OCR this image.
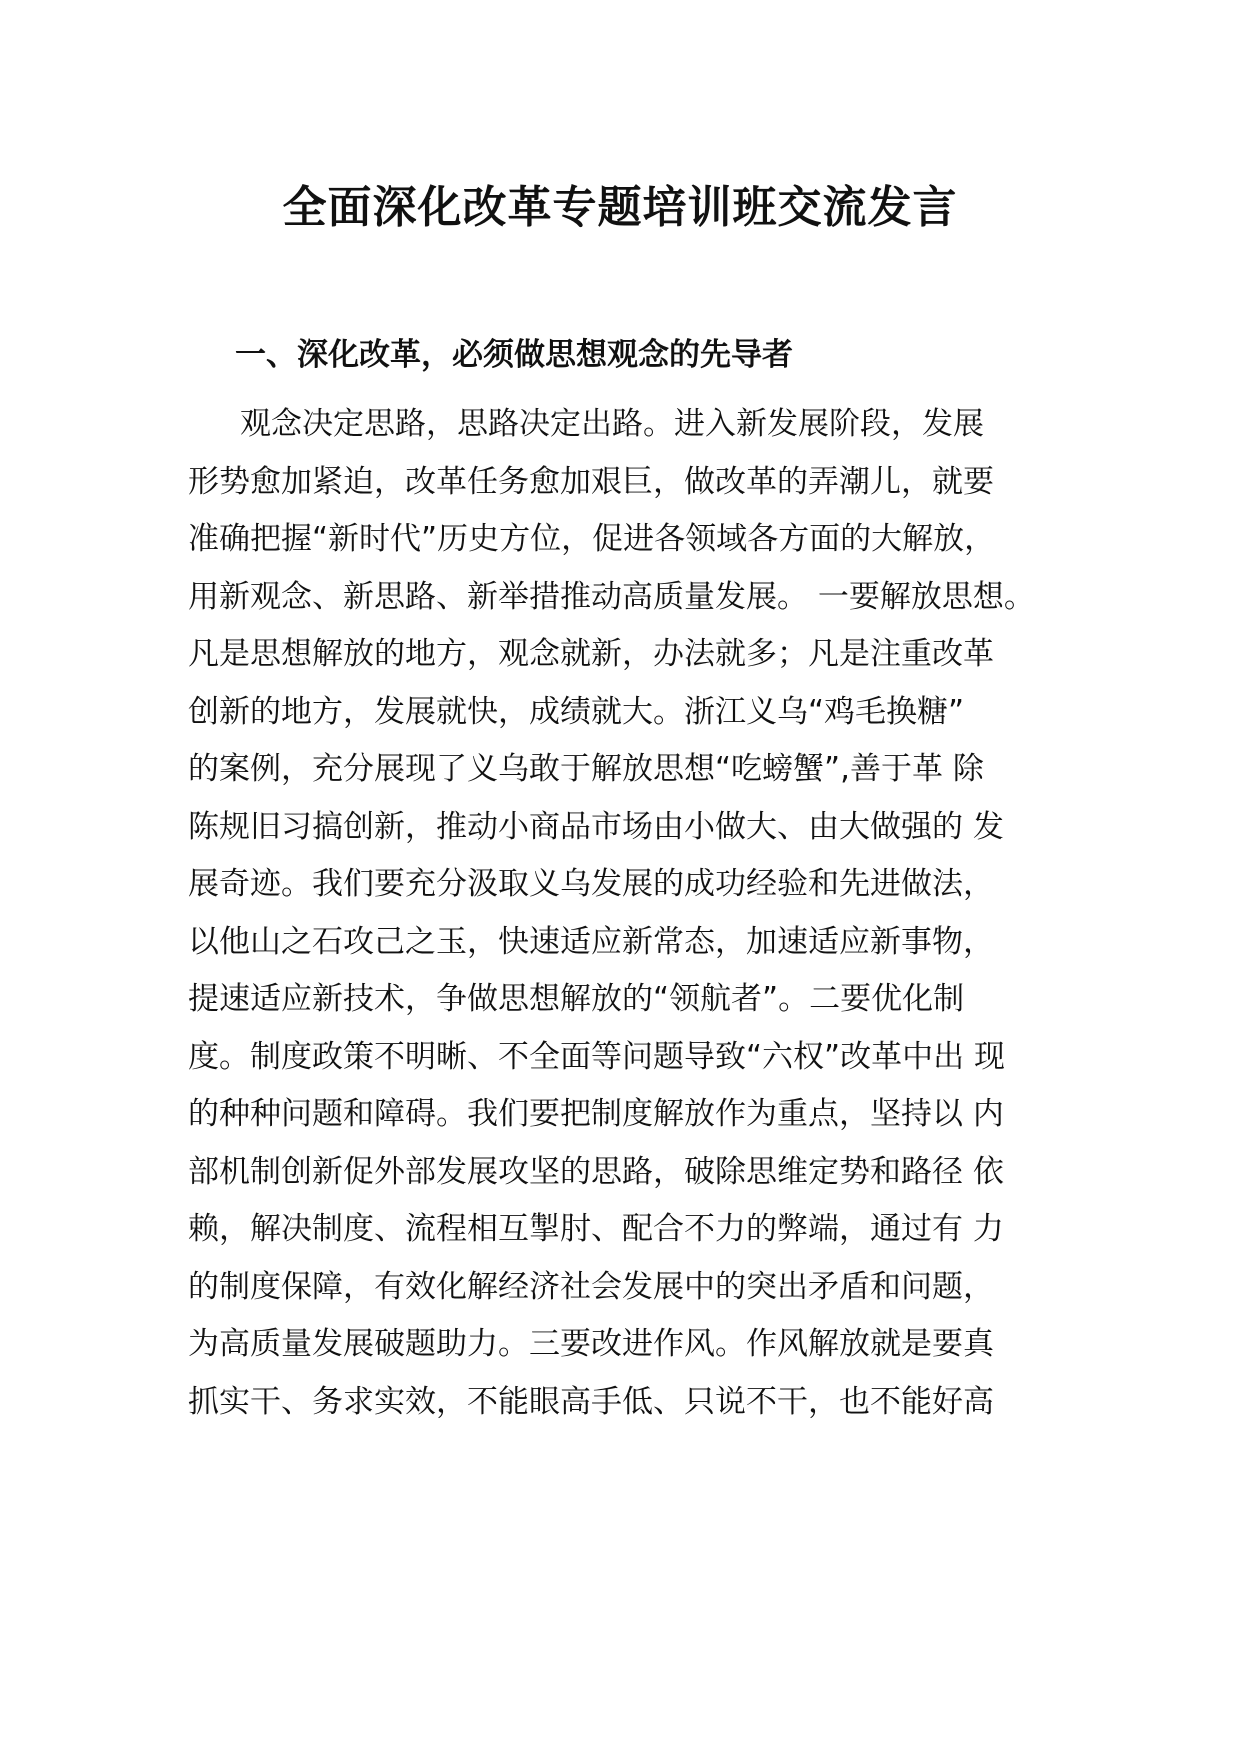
全面深化改革专题培训班交流发言
一、深化改革，必须做思想观念的先导者
观念决定思路，思路决定出路。进入新发展阶段，发展
形势愈加紧迫，改革任务愈加艰巨，做改革的弄潮儿，就要
准确把握“新时代”历史方位，促进各领域各方面的大解放，
用新观念、新思路、新举措推动高质量发展。 一要解放思想。
凡是思想解放的地方，观念就新，办法就多；凡是注重改革
创新的地方，发展就快，成绩就大。浙江义乌“鸡毛换糖”
的案例，充分展现了义乌敢于解放思想“吃螃蟹”,善于革 除
陈规旧习搞创新，推动小商品市场由小做大、由大做强的 发
展奇迹。我们要充分汲取义乌发展的成功经验和先进做法，
以他山之石攻己之玉，快速适应新常态，加速适应新事物，
提速适应新技术，争做思想解放的“领航者”。二要优化制
度。制度政策不明晰、不全面等问题导致“六权”改革中出 现
的种种问题和障碍。我们要把制度解放作为重点，坚持以 内
部机制创新促外部发展攻坚的思路，破除思维定势和路径 依
赖，解决制度、流程相互掣肘、配合不力的弊端，通过有 力
的制度保障，有效化解经济社会发展中的突出矛盾和问题，
为高质量发展破题助力。三要改进作风。作风解放就是要真
抓实干、务求实效，不能眼高手低、只说不干，也不能好高
